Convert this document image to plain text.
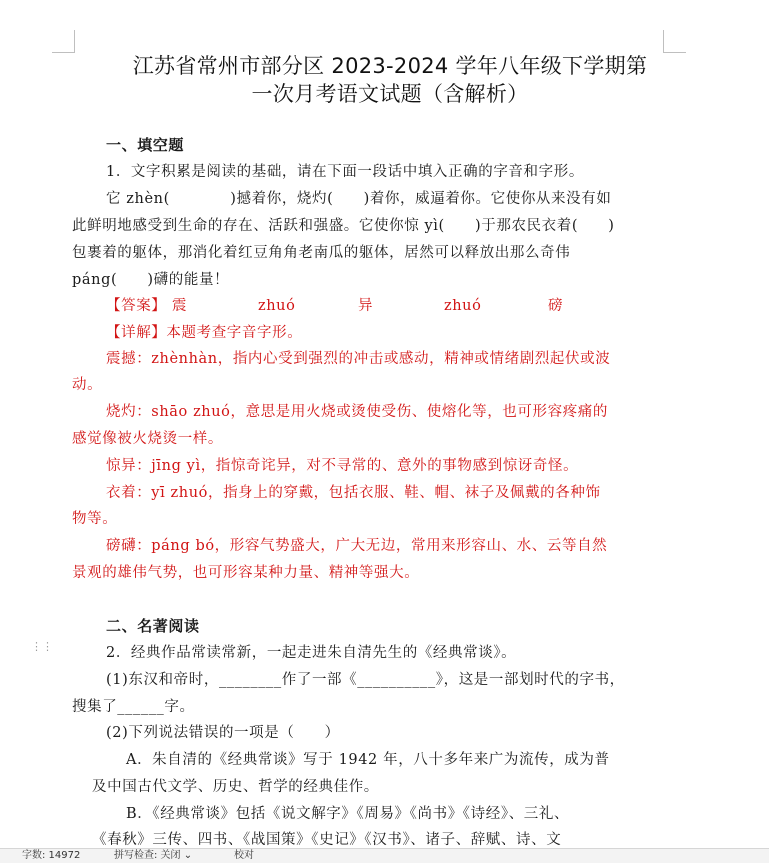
江苏省常州市部分区 2023-2024 学年八年级下学期第
一次月考语文试题（含解析）
一、填空题
1．文字积累是阅读的基础，请在下面一段话中填入正确的字音和字形。
它 zhèn(　　　　)撼着你，烧灼(　　)着你，威逼着你。它使你从来没有如
此鲜明地感受到生命的存在、活跃和强盛。它使你惊 yì(　　)于那农民衣着(　　)
包裹着的躯体，那消化着红豆角角老南瓜的躯体，居然可以释放出那么奇伟
páng(　　)礴的能量！
【答案】 震	zhuó	异	zhuó	磅
【详解】本题考查字音字形。
震撼：zhènhàn，指内心受到强烈的冲击或感动，精神或情绪剧烈起伏或波
动。
烧灼：shāo zhuó，意思是用火烧或烫使受伤、使熔化等，也可形容疼痛的
感觉像被火烧烫一样。
惊异：jīng yì，指惊奇诧异，对不寻常的、意外的事物感到惊讶奇怪。
衣着：yī zhuó，指身上的穿戴，包括衣服、鞋、帽、袜子及佩戴的各种饰
物等。
磅礴：páng bó，形容气势盛大，广大无边，常用来形容山、水、云等自然
景观的雄伟气势，也可形容某种力量、精神等强大。
⋮⋮
二、名著阅读
2．经典作品常读常新，一起走进朱自清先生的《经典常谈》。
(1)东汉和帝时，________作了一部《__________》，这是一部划时代的字书，
搜集了______字。
(2)下列说法错误的一项是（　　）
A．朱自清的《经典常谈》写于 1942 年，八十多年来广为流传，成为普
及中国古代文学、历史、哲学的经典佳作。
B．《经典常谈》包括《说文解字》《周易》《尚书》《诗经》、三礼、
《春秋》三传、四书、《战国策》《史记》《汉书》、诸子、辞赋、诗、文
字数: 14972	拼写检查: 关闭 ⌄	校对
